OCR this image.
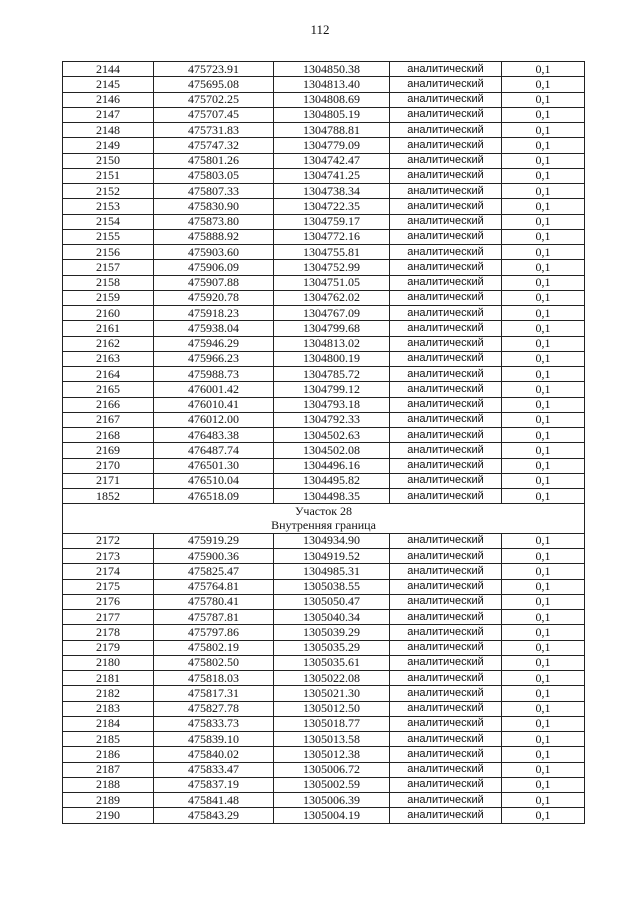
112
2144	475723.91	1304850.38	аналитический	0,1
2145	475695.08	1304813.40	аналитический	0,1
2146	475702.25	1304808.69	аналитический	0,1
2147	475707.45	1304805.19	аналитический	0,1
2148	475731.83	1304788.81	аналитический	0,1
2149	475747.32	1304779.09	аналитический	0,1
2150	475801.26	1304742.47	аналитический	0,1
2151	475803.05	1304741.25	аналитический	0,1
2152	475807.33	1304738.34	аналитический	0,1
2153	475830.90	1304722.35	аналитический	0,1
2154	475873.80	1304759.17	аналитический	0,1
2155	475888.92	1304772.16	аналитический	0,1
2156	475903.60	1304755.81	аналитический	0,1
2157	475906.09	1304752.99	аналитический	0,1
2158	475907.88	1304751.05	аналитический	0,1
2159	475920.78	1304762.02	аналитический	0,1
2160	475918.23	1304767.09	аналитический	0,1
2161	475938.04	1304799.68	аналитический	0,1
2162	475946.29	1304813.02	аналитический	0,1
2163	475966.23	1304800.19	аналитический	0,1
2164	475988.73	1304785.72	аналитический	0,1
2165	476001.42	1304799.12	аналитический	0,1
2166	476010.41	1304793.18	аналитический	0,1
2167	476012.00	1304792.33	аналитический	0,1
2168	476483.38	1304502.63	аналитический	0,1
2169	476487.74	1304502.08	аналитический	0,1
2170	476501.30	1304496.16	аналитический	0,1
2171	476510.04	1304495.82	аналитический	0,1
1852	476518.09	1304498.35	аналитический	0,1
Участок 28				
Внутренняя граница				
2172	475919.29	1304934.90	аналитический	0,1
2173	475900.36	1304919.52	аналитический	0,1
2174	475825.47	1304985.31	аналитический	0,1
2175	475764.81	1305038.55	аналитический	0,1
2176	475780.41	1305050.47	аналитический	0,1
2177	475787.81	1305040.34	аналитический	0,1
2178	475797.86	1305039.29	аналитический	0,1
2179	475802.19	1305035.29	аналитический	0,1
2180	475802.50	1305035.61	аналитический	0,1
2181	475818.03	1305022.08	аналитический	0,1
2182	475817.31	1305021.30	аналитический	0,1
2183	475827.78	1305012.50	аналитический	0,1
2184	475833.73	1305018.77	аналитический	0,1
2185	475839.10	1305013.58	аналитический	0,1
2186	475840.02	1305012.38	аналитический	0,1
2187	475833.47	1305006.72	аналитический	0,1
2188	475837.19	1305002.59	аналитический	0,1
2189	475841.48	1305006.39	аналитический	0,1
2190	475843.29	1305004.19	аналитический	0,1
